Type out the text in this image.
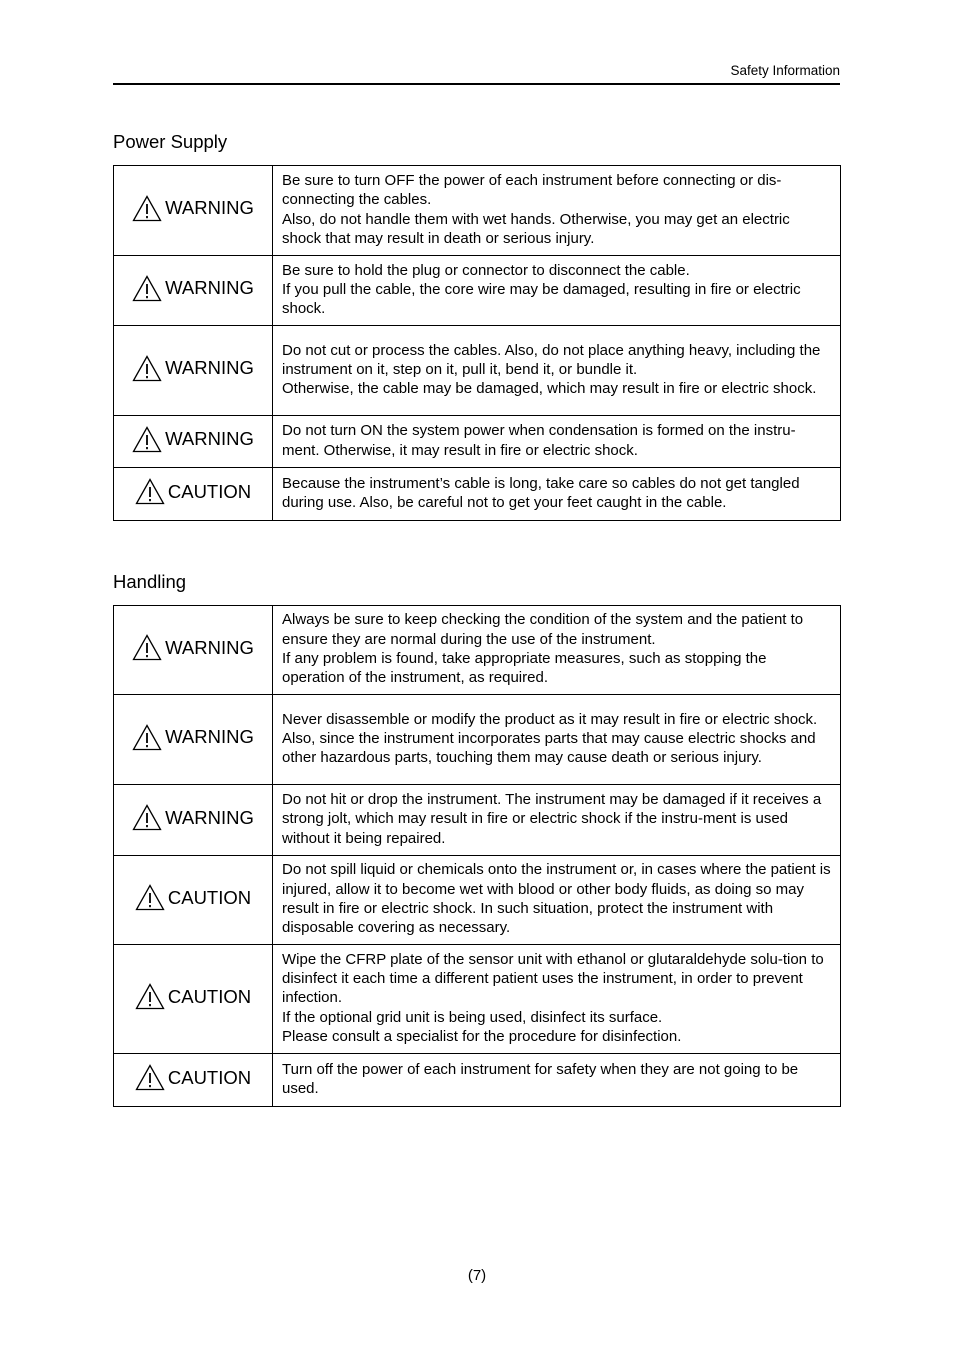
Safety Information
Power Supply
WARNING	Be sure to turn OFF the power of each instrument before connecting or dis-connecting the cables.
Also, do not handle them with wet hands. Otherwise, you may get an electric shock that may result in death or serious injury.

WARNING	Be sure to hold the plug or connector to disconnect the cable.
If you pull the cable, the core wire may be damaged, resulting in fire or electric shock.

WARNING	Do not cut or process the cables. Also, do not place anything heavy, including the instrument on it, step on it, pull it, bend it, or bundle it.
Otherwise, the cable may be damaged, which may result in fire or electric shock.

WARNING	Do not turn ON the system power when condensation is formed on the instru-ment. Otherwise, it may result in fire or electric shock.

CAUTION	Because the instrument’s cable is long, take care so cables do not get tangled during use. Also, be careful not to get your feet caught in the cable.
Handling
WARNING	Always be sure to keep checking the condition of the system and the patient to ensure they are normal during the use of the instrument.
If any problem is found, take appropriate measures, such as stopping the operation of the instrument, as required.

WARNING	Never disassemble or modify the product as it may result in fire or electric shock. Also, since the instrument incorporates parts that may cause electric shocks and other hazardous parts, touching them may cause death or serious injury.

WARNING	Do not hit or drop the instrument. The instrument may be damaged if it receives a strong jolt, which may result in fire or electric shock if the instru-ment is used without it being repaired.

CAUTION	Do not spill liquid or chemicals onto the instrument or, in cases where the patient is injured, allow it to become wet with blood or other body fluids, as doing so may result in fire or electric shock. In such situation, protect the instrument with disposable covering as necessary.

CAUTION	Wipe the CFRP plate of the sensor unit with ethanol or glutaraldehyde solu-tion to disinfect it each time a different patient uses the instrument, in order to prevent infection.
If the optional grid unit is being used, disinfect its surface.
Please consult a specialist for the procedure for disinfection.

CAUTION	Turn off the power of each instrument for safety when they are not going to be used.
(7)
